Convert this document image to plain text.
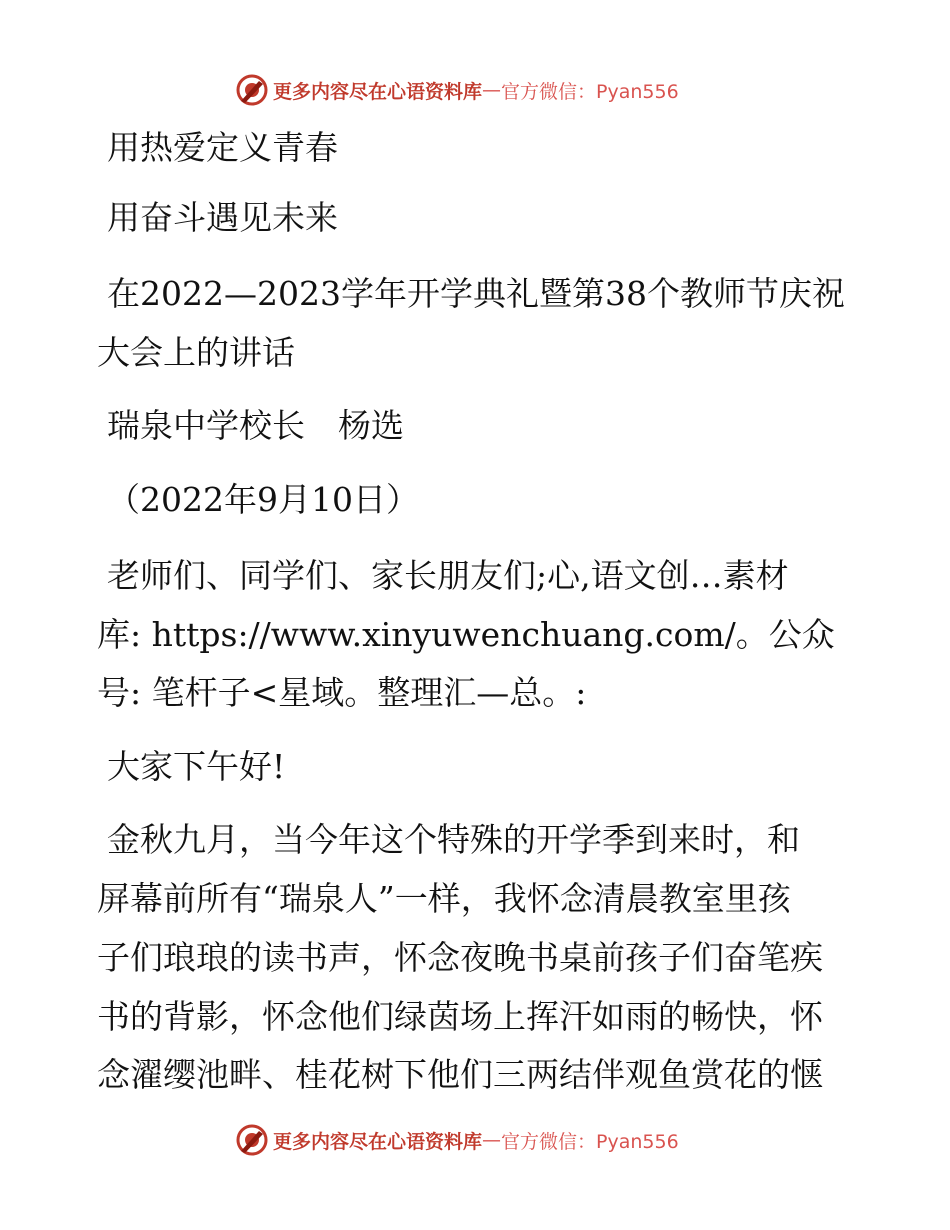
更多内容尽在心语资料库 — 官方微信：Pyan556
用热爱定义青春
用奋斗遇见未来
在2022—2023学年开学典礼暨第38个教师节庆祝
大会上的讲话
瑞泉中学校长　杨选
（2022年9月10日）
老师们、同学们、家长朋友们;心,语文创…素材
库: https://www.xinyuwenchuang.com/。公众
号: 笔杆子<星域。整理汇—总。:
大家下午好!
金秋九月，当今年这个特殊的开学季到来时，和
屏幕前所有“瑞泉人”一样，我怀念清晨教室里孩
子们琅琅的读书声，怀念夜晚书桌前孩子们奋笔疾
书的背影，怀念他们绿茵场上挥汗如雨的畅快，怀
念濯缨池畔、桂花树下他们三两结伴观鱼赏花的惬
更多内容尽在心语资料库 — 官方微信：Pyan556
